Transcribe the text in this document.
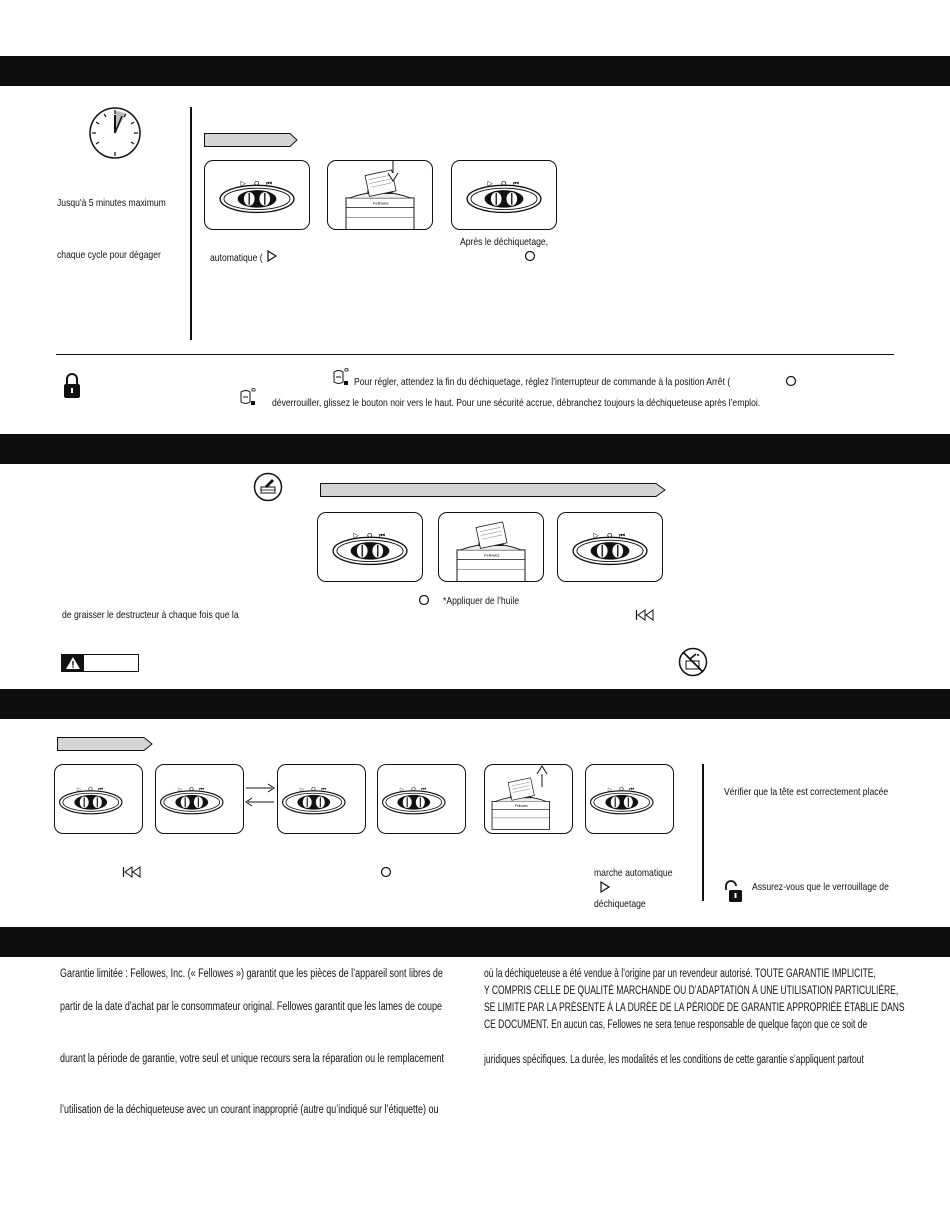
Jusqu'à 5 minutes maximum
chaque cycle pour dégager	automatique (
Après le déchiquetage,
Pour régler, attendez la fin du déchiquetage, réglez l’interrupteur de commande à la position Arrêt (
déverrouiller, glissez le bouton noir vers le haut. Pour une sécurité accrue, débranchez toujours la déchiqueteuse après l’emploi.
*Appliquer de l’huile
de graisser le destructeur à chaque fois que la
marche automatique
déchiquetage
Vérifier que la tête est correctement placée
Assurez-vous que le verrouillage de
Garantie limitée : Fellowes, Inc. (« Fellowes ») garantit que les pièces de l’appareil sont libres de
partir de la date d’achat par le consommateur original. Fellowes garantit que les lames de coupe
durant la période de garantie, votre seul et unique recours sera la réparation ou le remplacement
l’utilisation de la déchiqueteuse avec un courant inapproprié (autre qu’indiqué sur l’étiquette) ou
où la déchiqueteuse a été vendue à l’origine par un revendeur autorisé. TOUTE GARANTIE IMPLICITE,
Y COMPRIS CELLE DE QUALITÉ MARCHANDE OU D’ADAPTATION À UNE UTILISATION PARTICULIÈRE,
SE LIMITE PAR LA PRÉSENTE À LA DURÉE DE LA PÉRIODE DE GARANTIE APPROPRIÉE ÉTABLIE DANS
CE DOCUMENT. En aucun cas, Fellowes ne sera tenue responsable de quelque façon que ce soit de
juridiques spécifiques. La durée, les modalités et les conditions de cette garantie s’appliquent partout
